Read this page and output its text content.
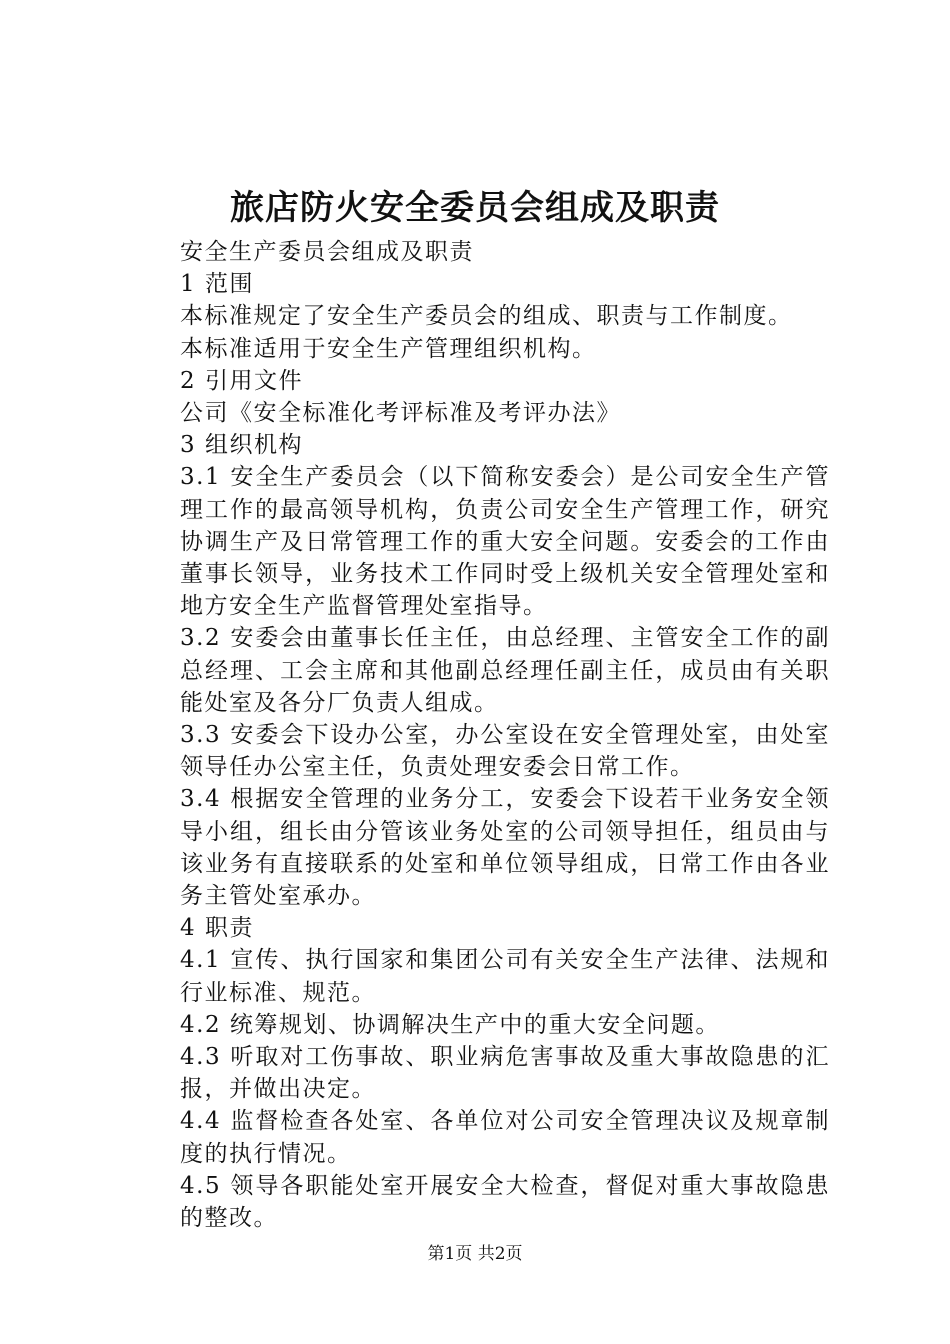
旅店防火安全委员会组成及职责

安全生产委员会组成及职责

1 范围

本标准规定了安全生产委员会的组成、职责与工作制度。

本标准适用于安全生产管理组织机构。

2 引用文件

公司《安全标准化考评标准及考评办法》

3 组织机构

3.1 安全生产委员会（以下简称安委会）是公司安全生产管理工作的最高领导机构，负责公司安全生产管理工作，研究协调生产及日常管理工作的重大安全问题。安委会的工作由董事长领导，业务技术工作同时受上级机关安全管理处室和地方安全生产监督管理处室指导。

3.2 安委会由董事长任主任，由总经理、主管安全工作的副总经理、工会主席和其他副总经理任副主任，成员由有关职能处室及各分厂负责人组成。

3.3 安委会下设办公室，办公室设在安全管理处室，由处室领导任办公室主任，负责处理安委会日常工作。

3.4 根据安全管理的业务分工，安委会下设若干业务安全领导小组，组长由分管该业务处室的公司领导担任，组员由与该业务有直接联系的处室和单位领导组成，日常工作由各业务主管处室承办。

4 职责

4.1 宣传、执行国家和集团公司有关安全生产法律、法规和行业标准、规范。

4.2 统筹规划、协调解决生产中的重大安全问题。

4.3 听取对工伤事故、职业病危害事故及重大事故隐患的汇报，并做出决定。

4.4 监督检查各处室、各单位对公司安全管理决议及规章制度的执行情况。

4.5 领导各职能处室开展安全大检查，督促对重大事故隐患的整改。

第1页 共2页
